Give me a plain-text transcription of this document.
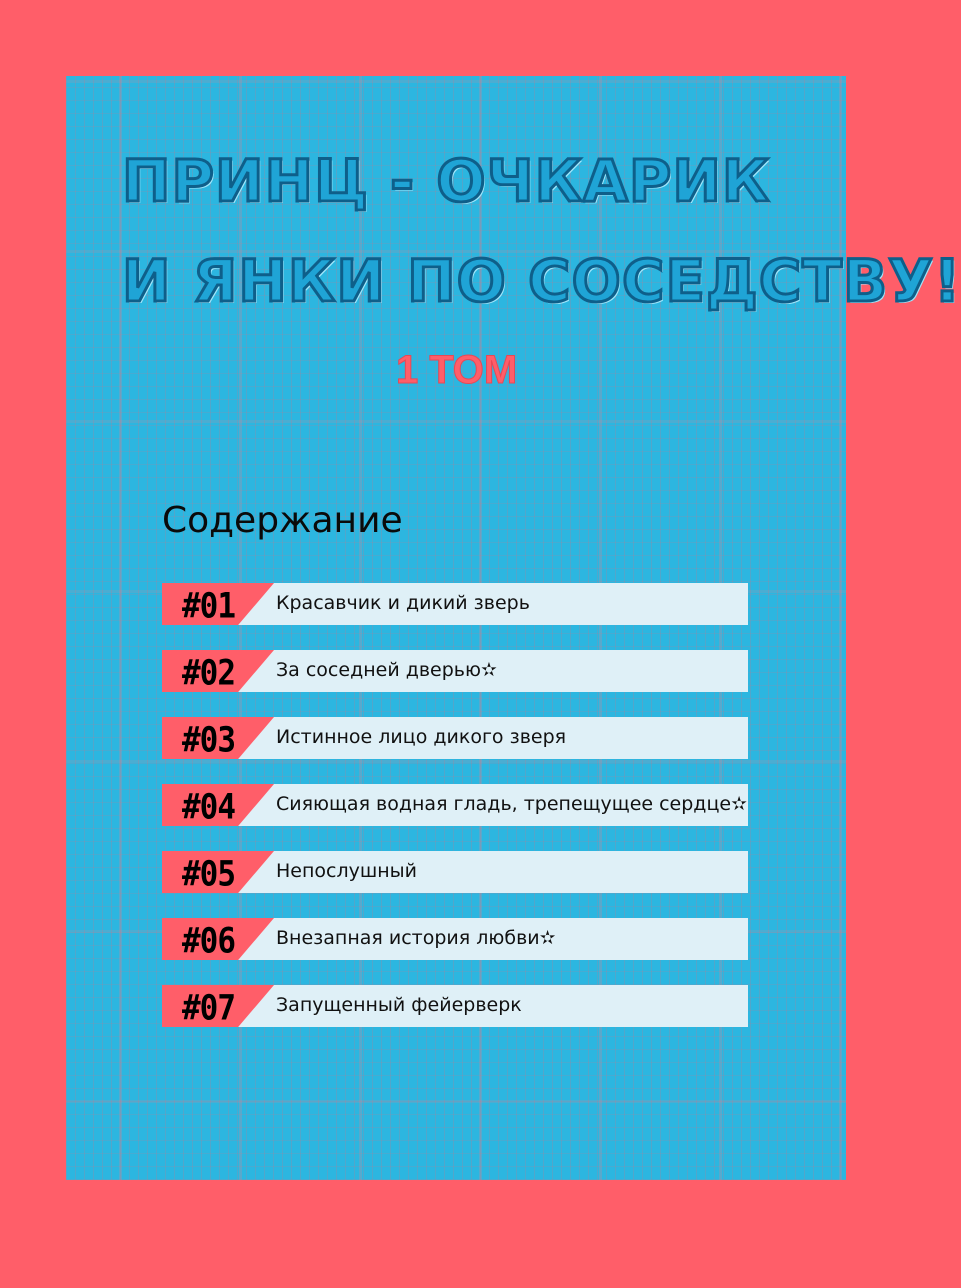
ПРИНЦ - ОЧКАРИК
И ЯНКИ ПО СОСЕДСТВУ!
1 ТОМ
Содержание
#01 Красавчик и дикий зверь
#02 За соседней дверью✫
#03 Истинное лицо дикого зверя
#04 Сияющая водная гладь, трепещущее сердце✫
#05 Непослушный
#06 Внезапная история любви✫
#07 Запущенный фейерверк
